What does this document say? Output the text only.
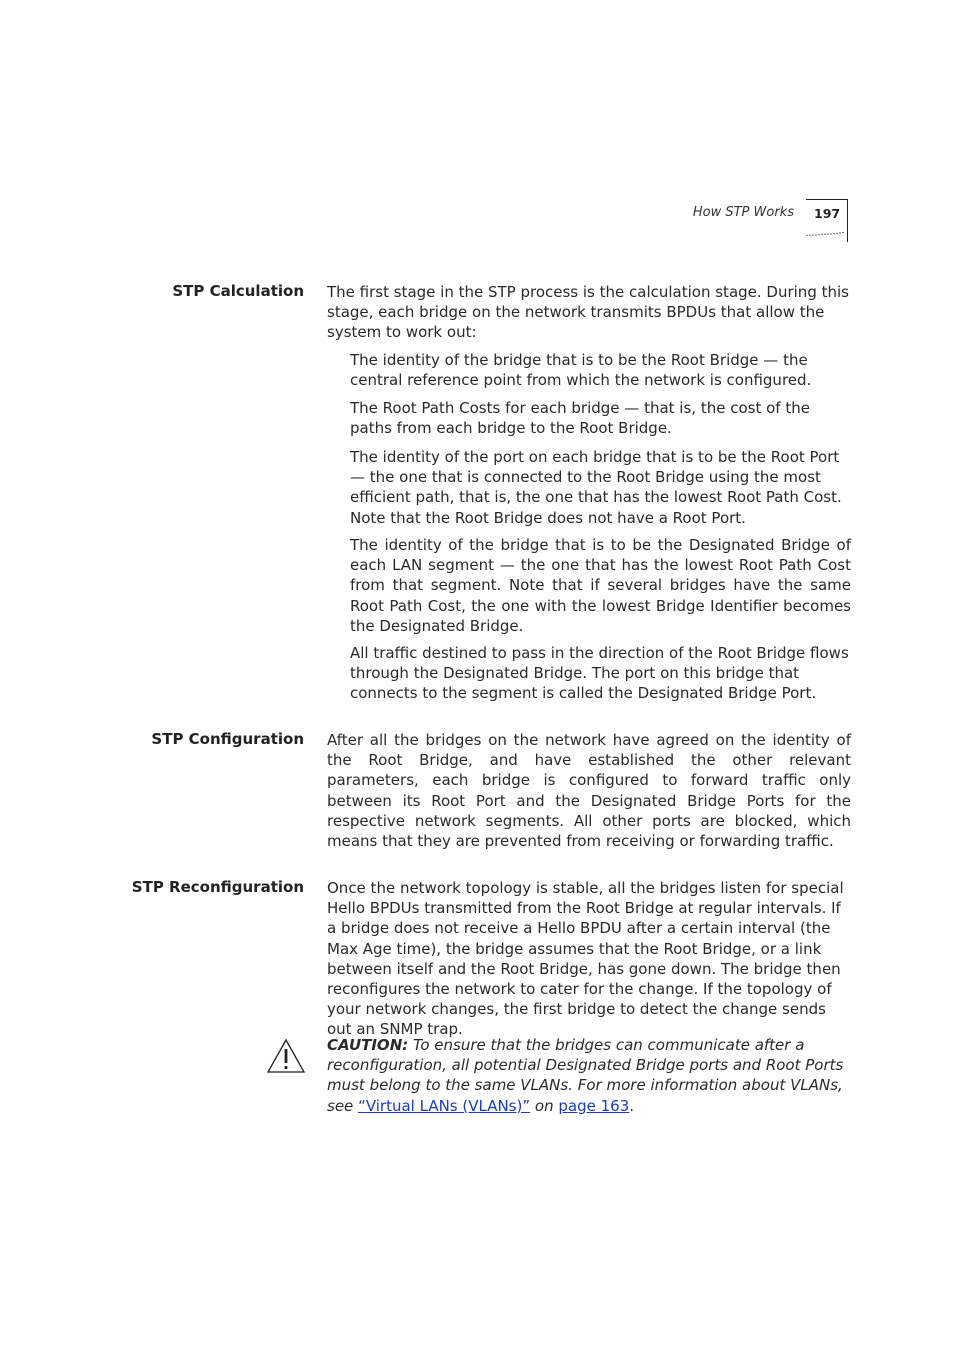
How STP Works 197
STP Calculation The first stage in the STP process is the calculation stage. During this stage, each bridge on the network transmits BPDUs that allow the system to work out:

The identity of the bridge that is to be the Root Bridge — the central reference point from which the network is configured.
The Root Path Costs for each bridge — that is, the cost of the paths from each bridge to the Root Bridge.
The identity of the port on each bridge that is to be the Root Port — the one that is connected to the Root Bridge using the most efficient path, that is, the one that has the lowest Root Path Cost. Note that the Root Bridge does not have a Root Port.
The identity of the bridge that is to be the Designated Bridge of each LAN segment — the one that has the lowest Root Path Cost from that segment. Note that if several bridges have the same Root Path Cost, the one with the lowest Bridge Identifier becomes the Designated Bridge.
All traffic destined to pass in the direction of the Root Bridge flows through the Designated Bridge. The port on this bridge that connects to the segment is called the Designated Bridge Port.
STP Configuration After all the bridges on the network have agreed on the identity of the Root Bridge, and have established the other relevant parameters, each bridge is configured to forward traffic only between its Root Port and the Designated Bridge Ports for the respective network segments. All other ports are blocked, which means that they are prevented from receiving or forwarding traffic.

STP Reconfiguration Once the network topology is stable, all the bridges listen for special Hello BPDUs transmitted from the Root Bridge at regular intervals. If a bridge does not receive a Hello BPDU after a certain interval (the Max Age time), the bridge assumes that the Root Bridge, or a link between itself and the Root Bridge, has gone down. The bridge then reconfigures the network to cater for the change. If the topology of your network changes, the first bridge to detect the change sends out an SNMP trap.

CAUTION: To ensure that the bridges can communicate after a reconfiguration, all potential Designated Bridge ports and Root Ports must belong to the same VLANs. For more information about VLANs, see “Virtual LANs (VLANs)” on page 163.
